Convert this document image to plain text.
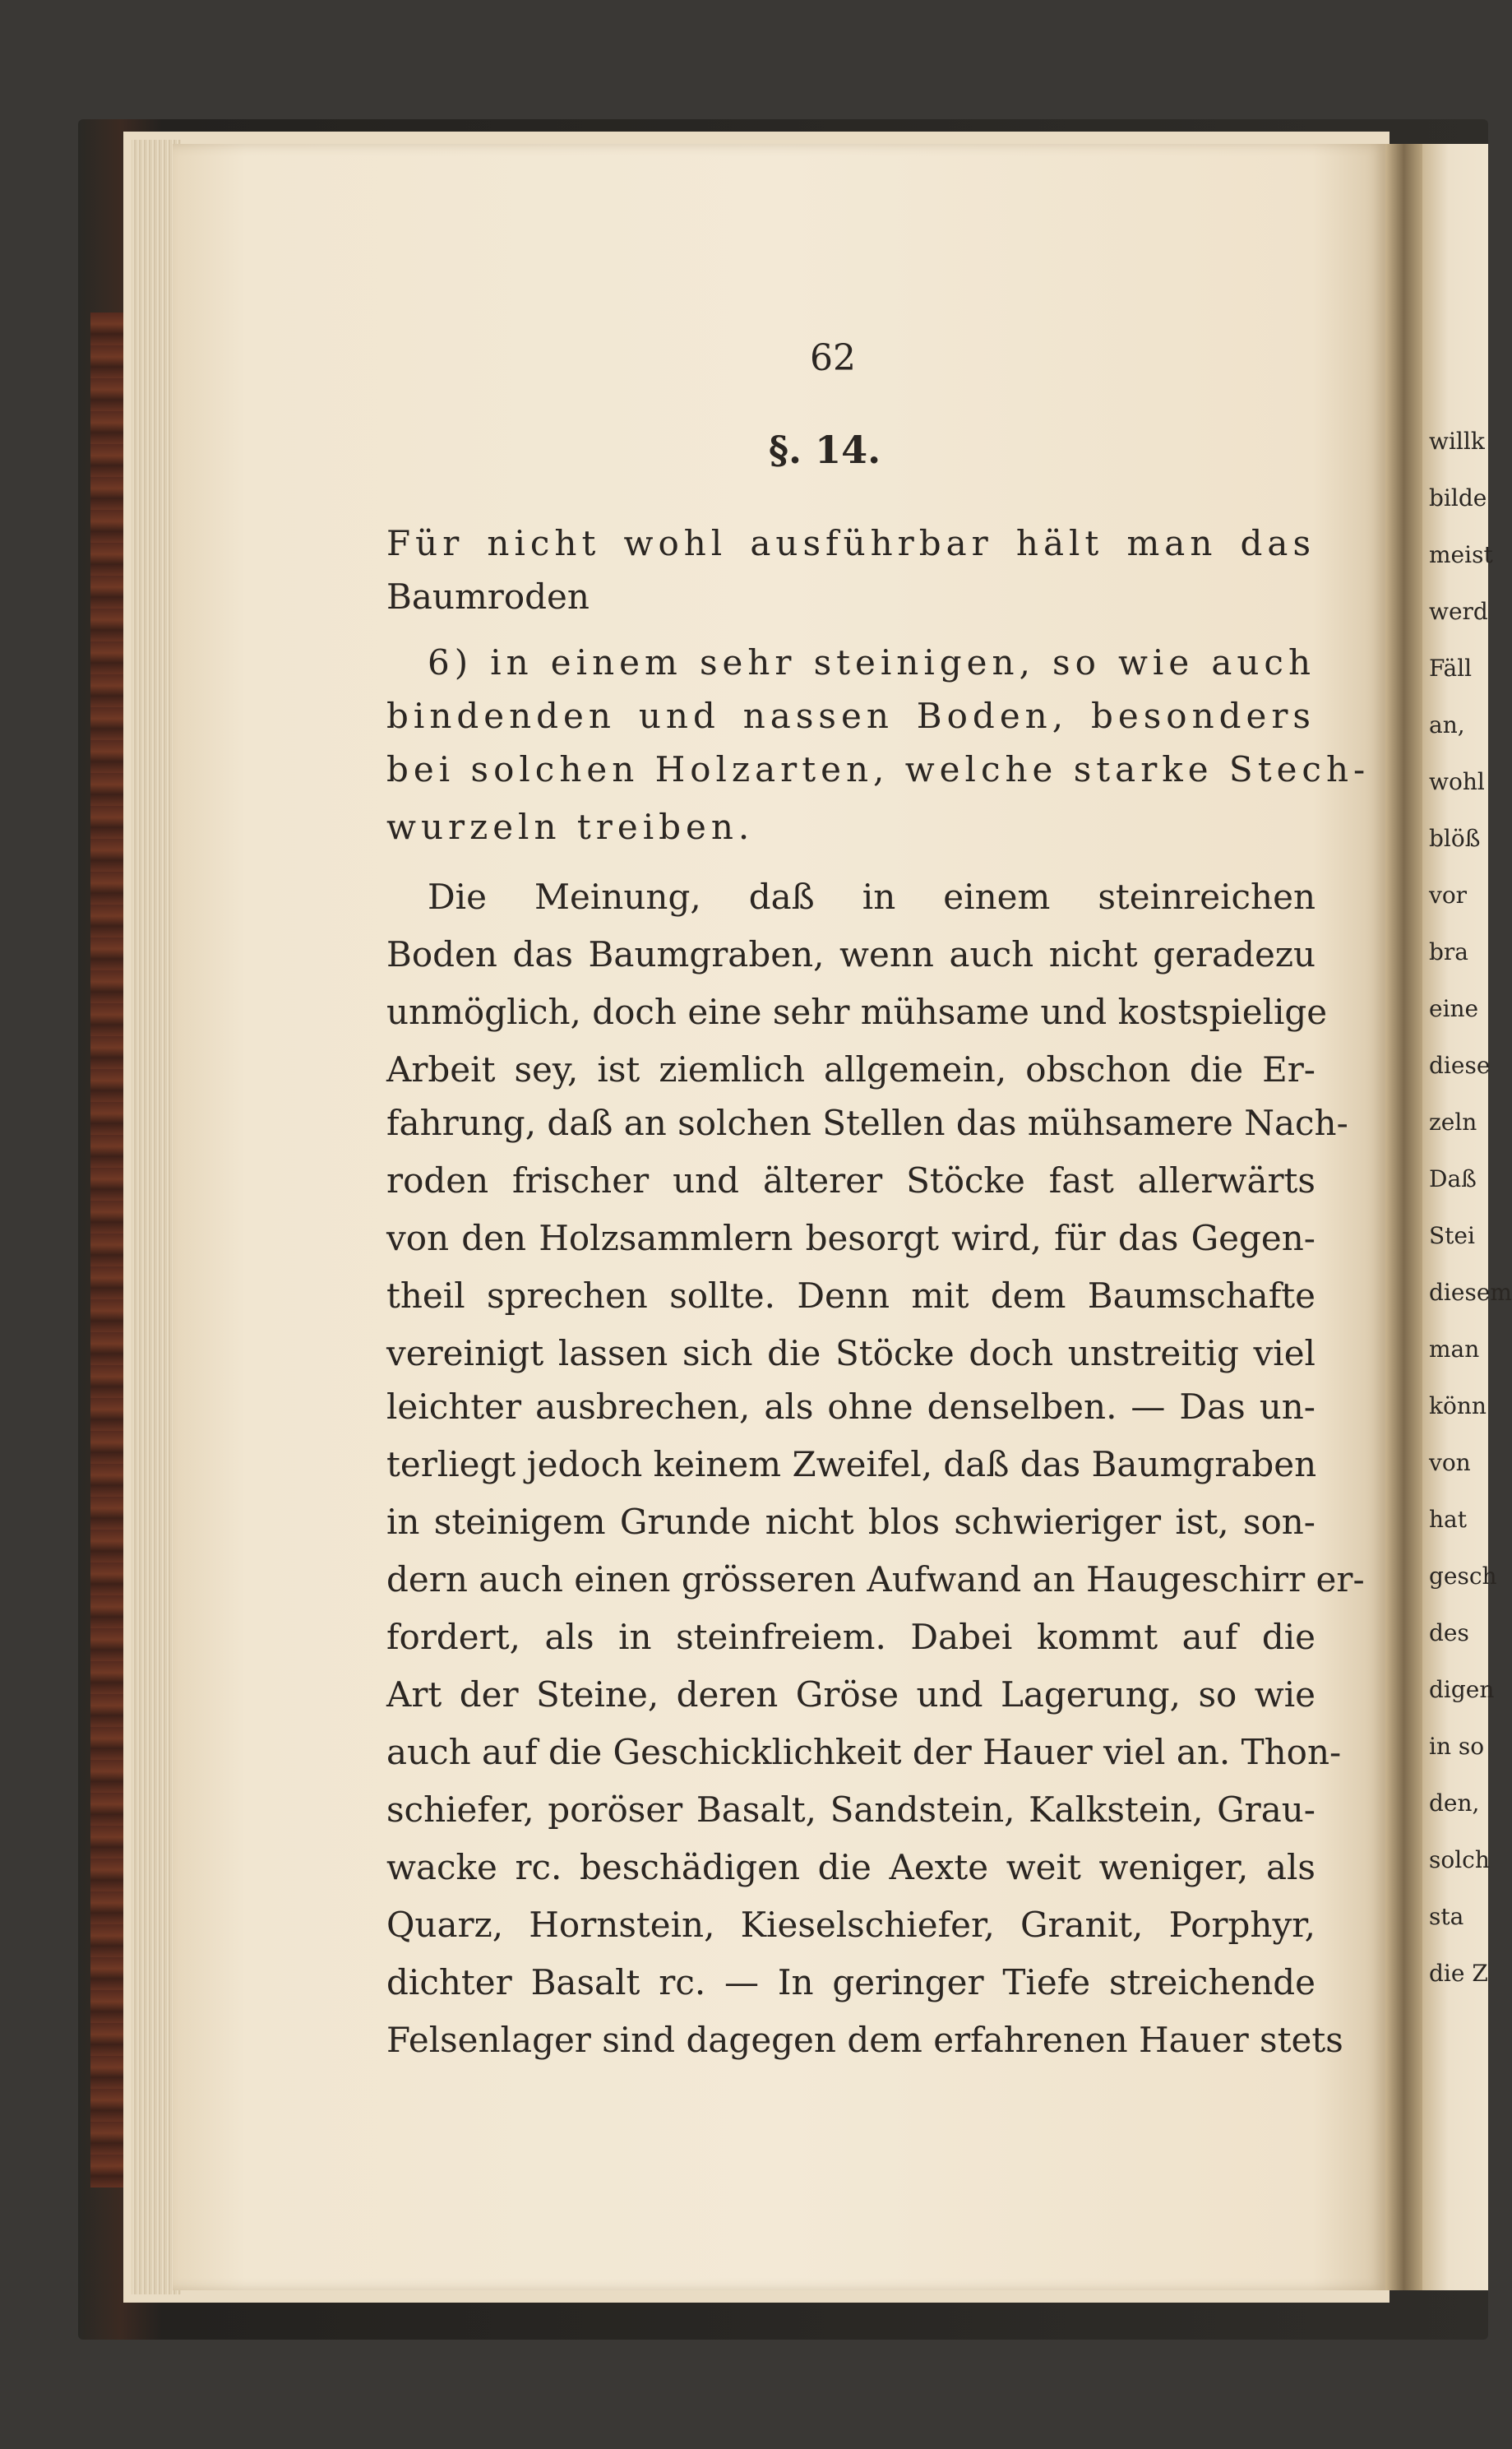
willk
bilde
meist
werd
Fäll
an,
wohl
blöß
vor
bra
eine
diese
zeln
Daß
Stei
diesem
man
könn
von
hat
gesch
des
digen
in so
den,
solch
sta
die Z
62
§. 14.
Für nicht wohl ausführbar hält man das
Baumroden
6) in einem sehr steinigen, so wie auch
bindenden und nassen Boden, besonders
bei solchen Holzarten, welche starke Stech-
wurzeln treiben.
Die Meinung, daß in einem steinreichen
Boden das Baumgraben, wenn auch nicht geradezu
unmöglich, doch eine sehr mühsame und kostspielige
Arbeit sey, ist ziemlich allgemein, obschon die Er-
fahrung, daß an solchen Stellen das mühsamere Nach-
roden frischer und älterer Stöcke fast allerwärts
von den Holzsammlern besorgt wird, für das Gegen-
theil sprechen sollte. Denn mit dem Baumschafte
vereinigt lassen sich die Stöcke doch unstreitig viel
leichter ausbrechen, als ohne denselben. — Das un-
terliegt jedoch keinem Zweifel, daß das Baumgraben
in steinigem Grunde nicht blos schwieriger ist, son-
dern auch einen grösseren Aufwand an Haugeschirr er-
fordert, als in steinfreiem. Dabei kommt auf die
Art der Steine, deren Gröse und Lagerung, so wie
auch auf die Geschicklichkeit der Hauer viel an. Thon-
schiefer, poröser Basalt, Sandstein, Kalkstein, Grau-
wacke rc. beschädigen die Aexte weit weniger, als
Quarz, Hornstein, Kieselschiefer, Granit, Porphyr,
dichter Basalt rc. — In geringer Tiefe streichende
Felsenlager sind dagegen dem erfahrenen Hauer stets
